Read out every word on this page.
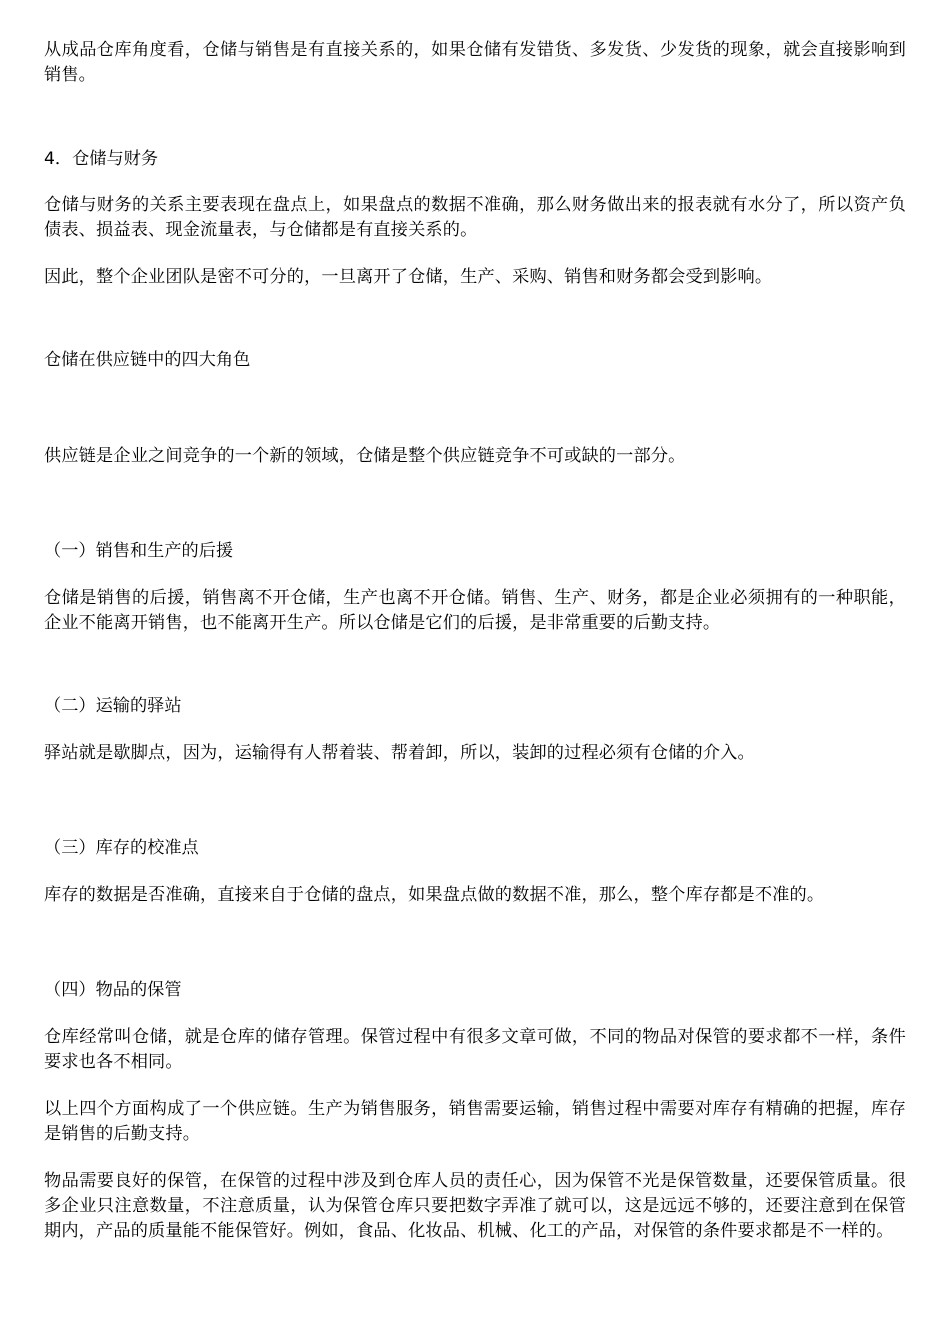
从成品仓库角度看，仓储与销售是有直接关系的，如果仓储有发错货、多发货、少发货的现象，就会直接影响到销售。

4．仓储与财务

仓储与财务的关系主要表现在盘点上，如果盘点的数据不准确，那么财务做出来的报表就有水分了，所以资产负债表、损益表、现金流量表，与仓储都是有直接关系的。

因此，整个企业团队是密不可分的，一旦离开了仓储，生产、采购、销售和财务都会受到影响。

仓储在供应链中的四大角色

供应链是企业之间竞争的一个新的领域，仓储是整个供应链竞争不可或缺的一部分。

（一）销售和生产的后援

仓储是销售的后援，销售离不开仓储，生产也离不开仓储。销售、生产、财务，都是企业必须拥有的一种职能，企业不能离开销售，也不能离开生产。所以仓储是它们的后援，是非常重要的后勤支持。

（二）运输的驿站

驿站就是歇脚点，因为，运输得有人帮着装、帮着卸，所以，装卸的过程必须有仓储的介入。

（三）库存的校准点

库存的数据是否准确，直接来自于仓储的盘点，如果盘点做的数据不准，那么，整个库存都是不准的。

（四）物品的保管

仓库经常叫仓储，就是仓库的储存管理。保管过程中有很多文章可做，不同的物品对保管的要求都不一样，条件要求也各不相同。

以上四个方面构成了一个供应链。生产为销售服务，销售需要运输，销售过程中需要对库存有精确的把握，库存是销售的后勤支持。

物品需要良好的保管，在保管的过程中涉及到仓库人员的责任心，因为保管不光是保管数量，还要保管质量。很多企业只注意数量，不注意质量，认为保管仓库只要把数字弄准了就可以，这是远远不够的，还要注意到在保管期内，产品的质量能不能保管好。例如，食品、化妆品、机械、化工的产品，对保管的条件要求都是不一样的。
